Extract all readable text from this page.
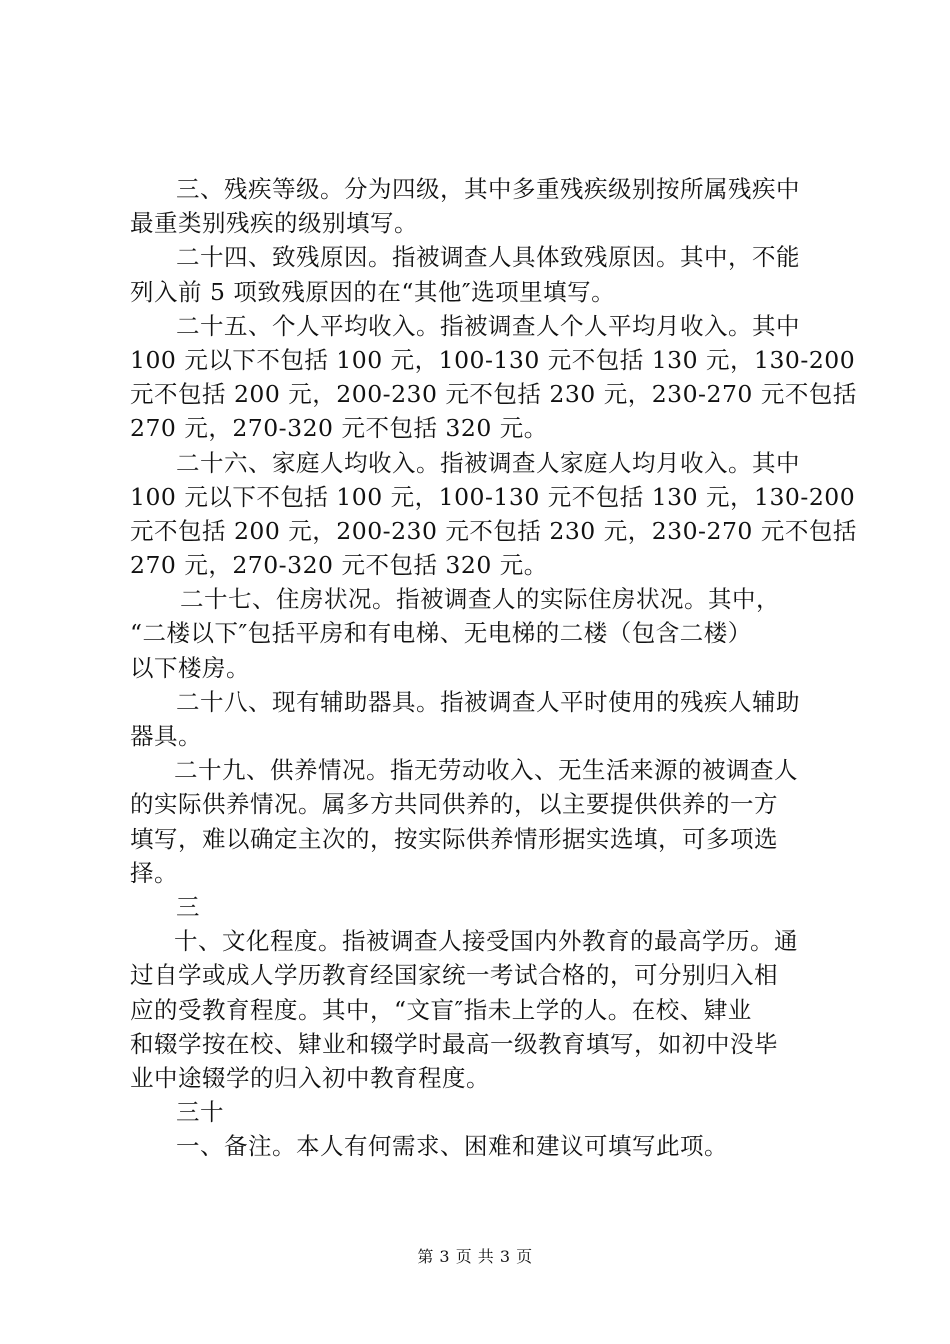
三、残疾等级。分为四级，其中多重残疾级别按所属残疾中
最重类别残疾的级别填写。
二十四、致残原因。指被调查人具体致残原因。其中，不能
列入前 5 项致残原因的在“其他″选项里填写。
二十五、个人平均收入。指被调查人个人平均月收入。其中
100 元以下不包括 100 元，100-130 元不包括 130 元，130-200
元不包括 200 元，200-230 元不包括 230 元，230-270 元不包括
270 元，270-320 元不包括 320 元。
二十六、家庭人均收入。指被调查人家庭人均月收入。其中
100 元以下不包括 100 元，100-130 元不包括 130 元，130-200
元不包括 200 元，200-230 元不包括 230 元，230-270 元不包括
270 元，270-320 元不包括 320 元。
二十七、住房状况。指被调查人的实际住房状况。其中，
“二楼以下″包括平房和有电梯、无电梯的二楼（包含二楼）
以下楼房。
二十八、现有辅助器具。指被调查人平时使用的残疾人辅助
器具。
二十九、供养情况。指无劳动收入、无生活来源的被调查人
的实际供养情况。属多方共同供养的，以主要提供供养的一方
填写，难以确定主次的，按实际供养情形据实选填，可多项选
择。
三
十、文化程度。指被调查人接受国内外教育的最高学历。通
过自学或成人学历教育经国家统一考试合格的，可分别归入相
应的受教育程度。其中，“文盲″指未上学的人。在校、肄业
和辍学按在校、肄业和辍学时最高一级教育填写，如初中没毕
业中途辍学的归入初中教育程度。
三十
一、备注。本人有何需求、困难和建议可填写此项。
第 3 页 共 3 页
